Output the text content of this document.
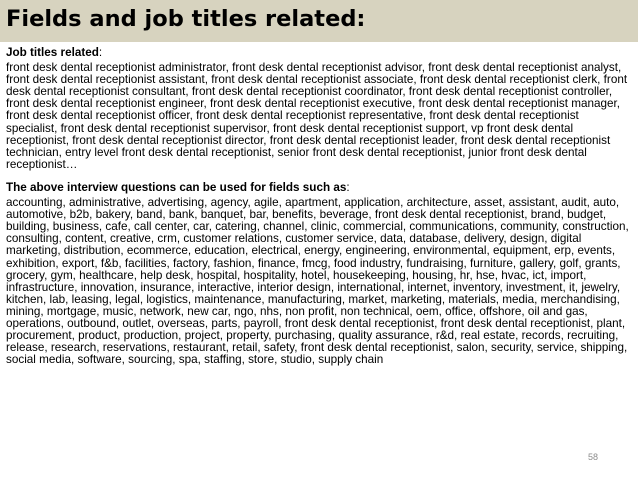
Fields and job titles related:

Job titles related:

front desk dental receptionist administrator, front desk dental receptionist advisor, front desk dental receptionist analyst, front desk dental receptionist assistant, front desk dental receptionist associate, front desk dental receptionist clerk, front desk dental receptionist consultant, front desk dental receptionist coordinator, front desk dental receptionist controller, front desk dental receptionist engineer, front desk dental receptionist executive, front desk dental receptionist manager, front desk dental receptionist officer, front desk dental receptionist representative, front desk dental receptionist specialist, front desk dental receptionist supervisor, front desk dental receptionist support, vp front desk dental receptionist, front desk dental receptionist director, front desk dental receptionist leader, front desk dental receptionist technician, entry level front desk dental receptionist, senior front desk dental receptionist, junior front desk dental receptionist…

The above interview questions can be used for fields such as:

accounting, administrative, advertising, agency, agile, apartment, application, architecture, asset, assistant, audit, auto, automotive, b2b, bakery, band, bank, banquet, bar, benefits, beverage, front desk dental receptionist, brand, budget, building, business, cafe, call center, car, catering, channel, clinic, commercial, communications, community, construction, consulting, content, creative, crm, customer relations, customer service, data, database, delivery, design, digital marketing, distribution, ecommerce, education, electrical, energy, engineering, environmental, equipment, erp, events, exhibition, export, f&b, facilities, factory, fashion, finance, fmcg, food industry, fundraising, furniture, gallery, golf, grants, grocery, gym, healthcare, help desk, hospital, hospitality, hotel, housekeeping, housing, hr, hse, hvac, ict, import, infrastructure, innovation, insurance, interactive, interior design, international, internet, inventory, investment, it, jewelry, kitchen, lab, leasing, legal, logistics, maintenance, manufacturing, market, marketing, materials, media, merchandising, mining, mortgage, music, network, new car, ngo, nhs, non profit, non technical, oem, office, offshore, oil and gas, operations, outbound, outlet, overseas, parts, payroll, front desk dental receptionist, front desk dental receptionist, plant, procurement, product, production, project, property, purchasing, quality assurance, r&d, real estate, records, recruiting, release, research, reservations, restaurant, retail, safety, front desk dental receptionist, salon, security, service, shipping, social media, software, sourcing, spa, staffing, store, studio, supply chain

58
